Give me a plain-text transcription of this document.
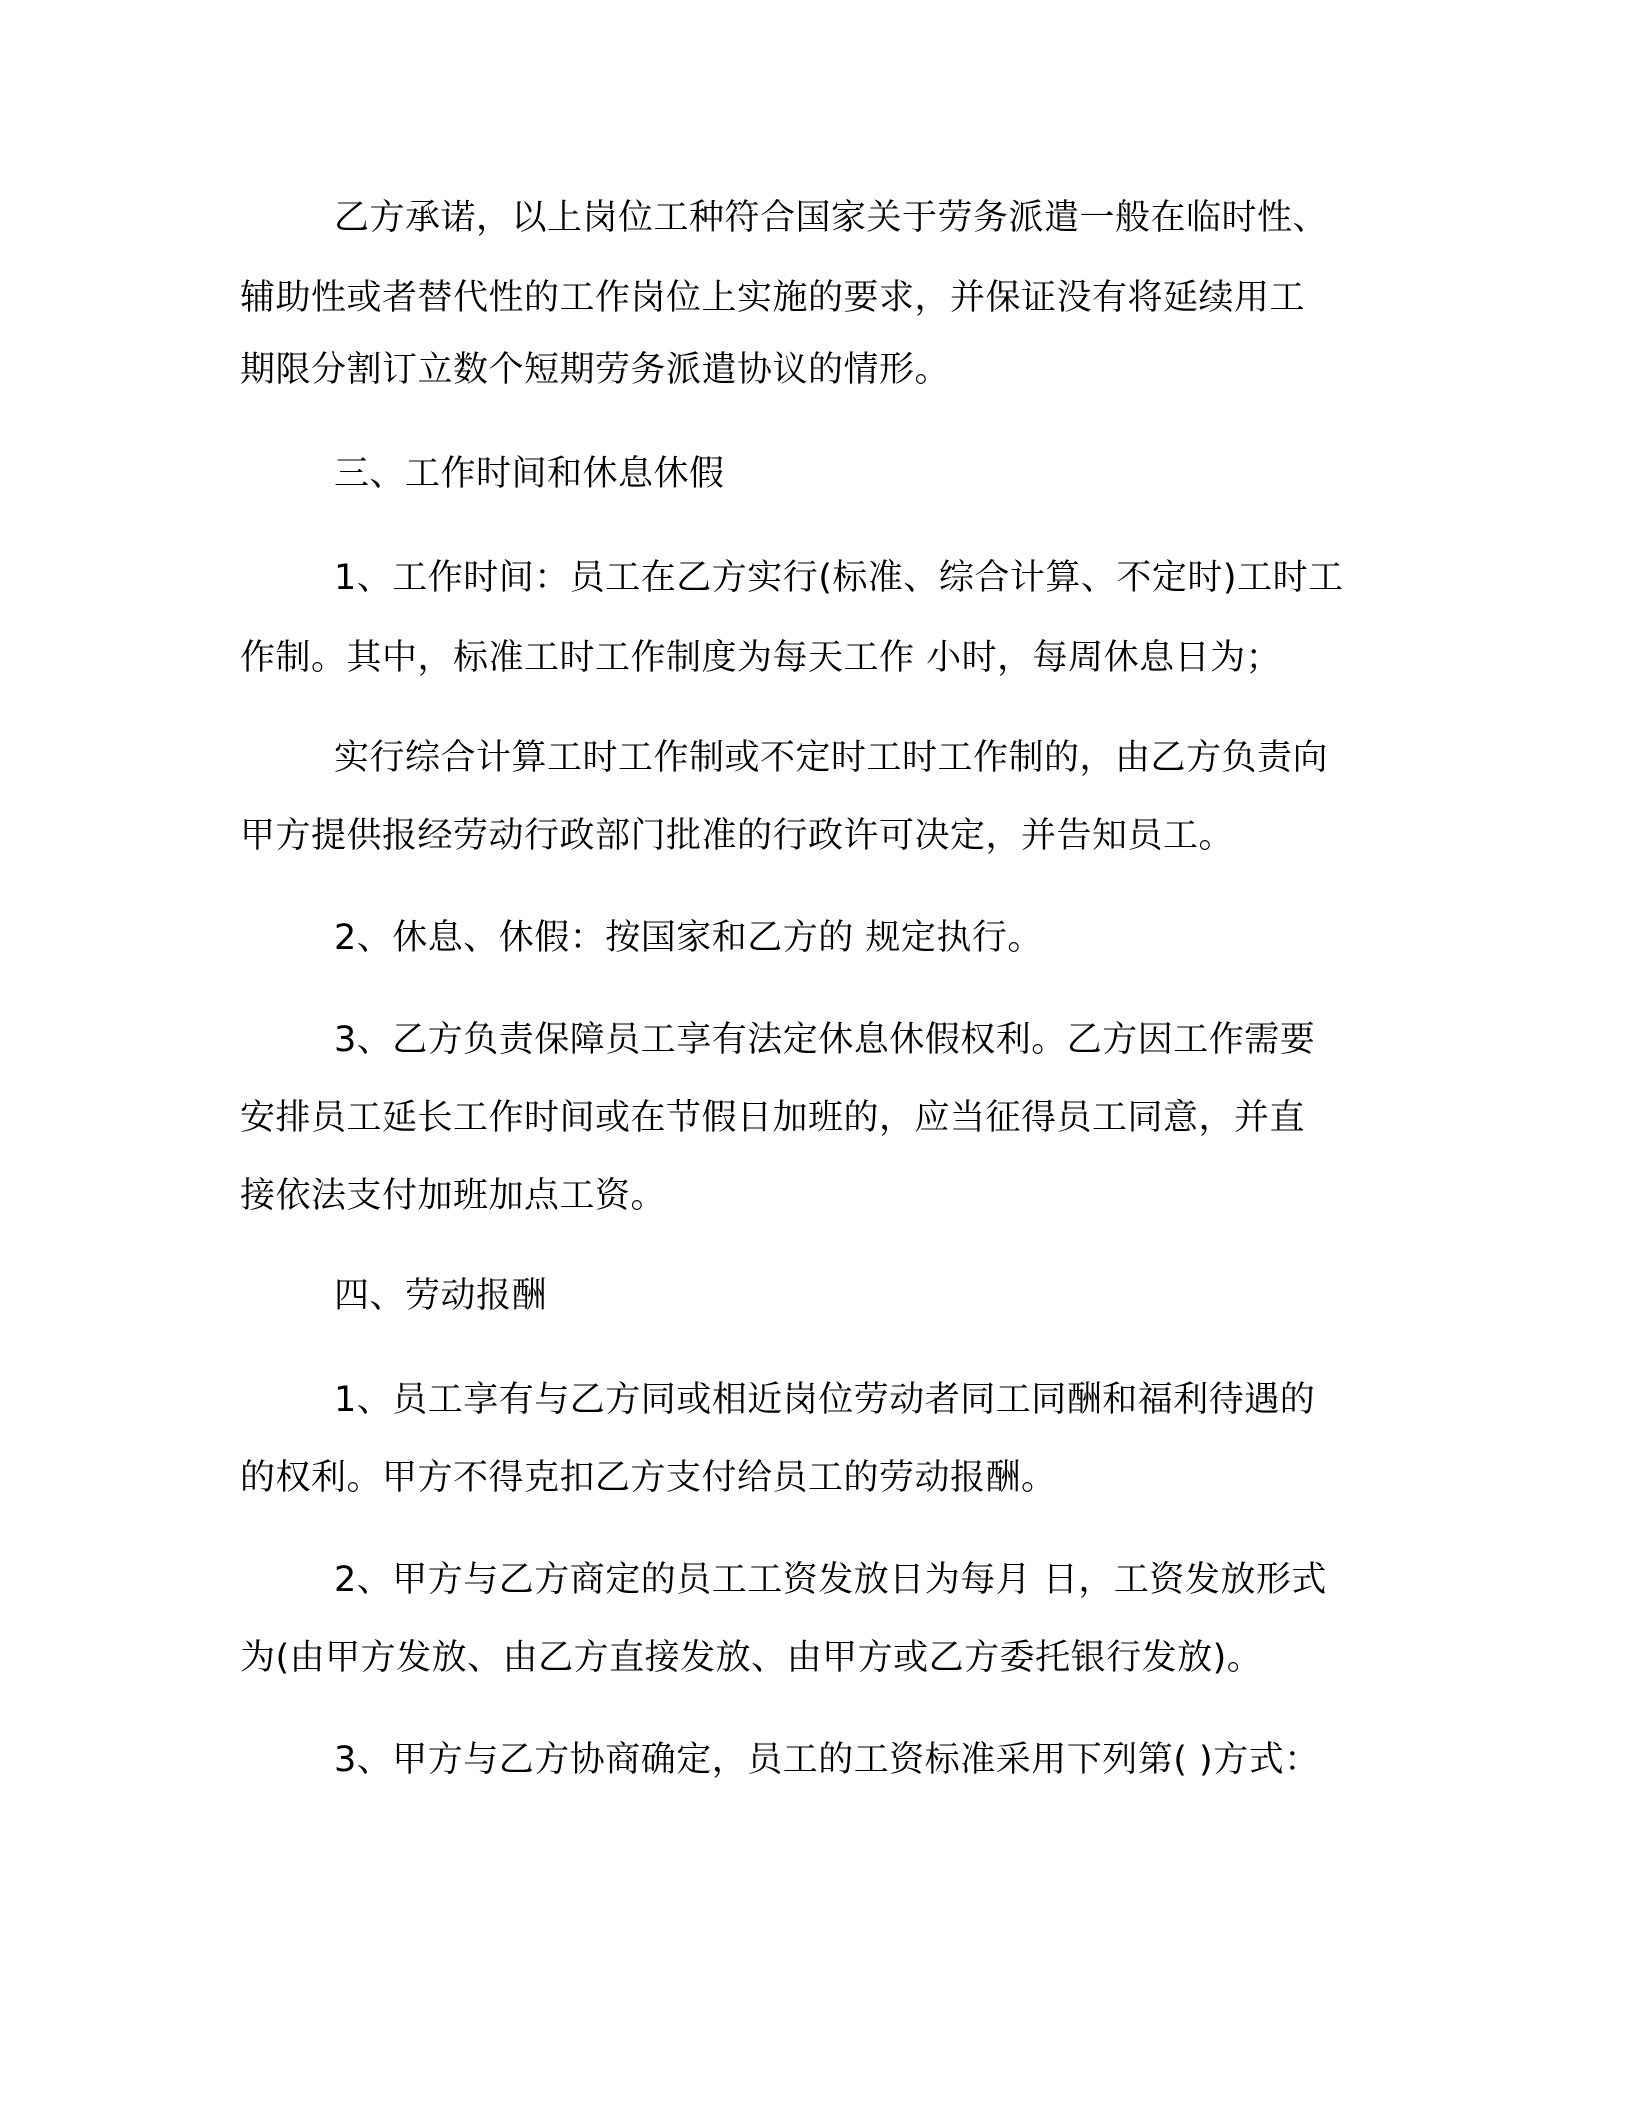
乙方承诺，以上岗位工种符合国家关于劳务派遣一般在临时性、
辅助性或者替代性的工作岗位上实施的要求，并保证没有将延续用工
期限分割订立数个短期劳务派遣协议的情形。
三、工作时间和休息休假
1、工作时间：员工在乙方实行(标准、综合计算、不定时)工时工
作制。其中，标准工时工作制度为每天工作 小时，每周休息日为；
实行综合计算工时工作制或不定时工时工作制的，由乙方负责向
甲方提供报经劳动行政部门批准的行政许可决定，并告知员工。
2、休息、休假：按国家和乙方的 规定执行。
3、乙方负责保障员工享有法定休息休假权利。乙方因工作需要
安排员工延长工作时间或在节假日加班的，应当征得员工同意，并直
接依法支付加班加点工资。
四、劳动报酬
1、员工享有与乙方同或相近岗位劳动者同工同酬和福利待遇的
的权利。甲方不得克扣乙方支付给员工的劳动报酬。
2、甲方与乙方商定的员工工资发放日为每月 日，工资发放形式
为(由甲方发放、由乙方直接发放、由甲方或乙方委托银行发放)。
3、甲方与乙方协商确定，员工的工资标准采用下列第( )方式：
